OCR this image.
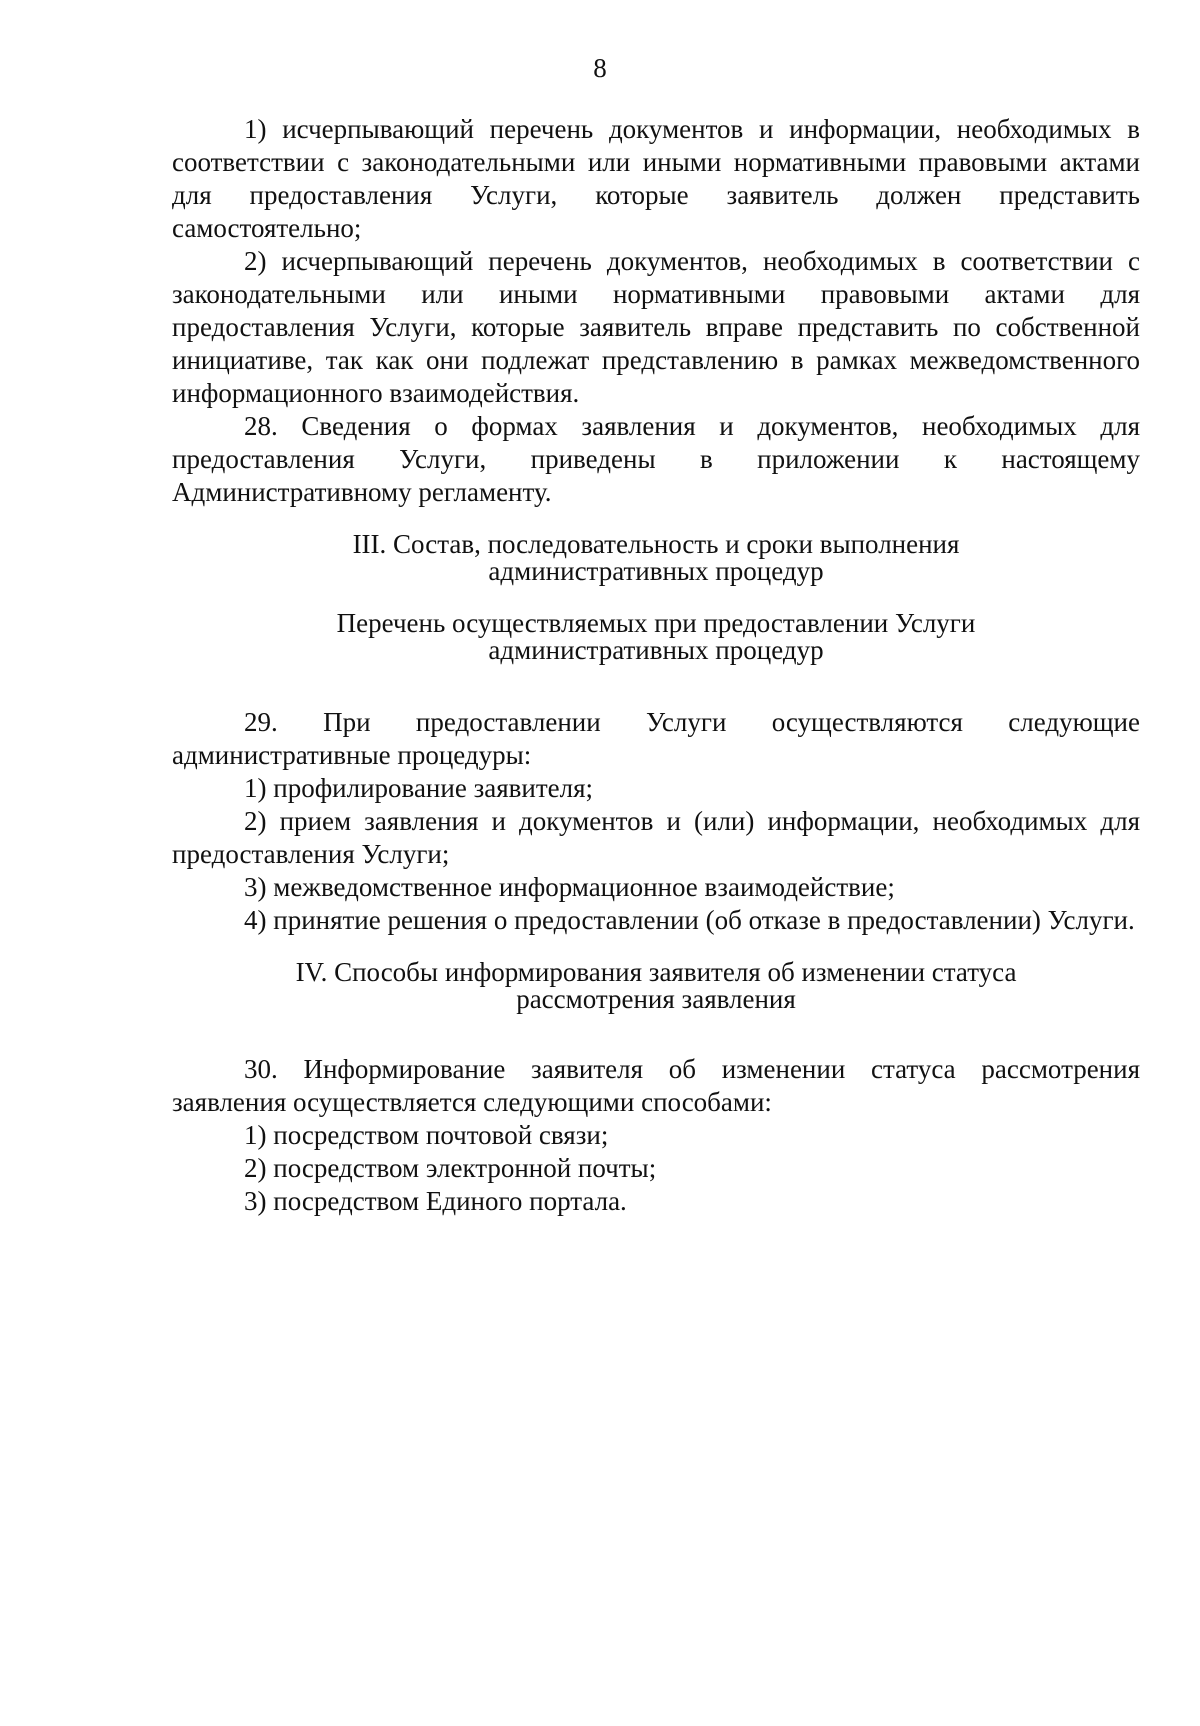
8

1) исчерпывающий перечень документов и информации, необходимых в соответствии с законодательными или иными нормативными правовыми актами для предоставления Услуги, которые заявитель должен представить самостоятельно;

2) исчерпывающий перечень документов, необходимых в соответствии с законодательными или иными нормативными правовыми актами для предоставления Услуги, которые заявитель вправе представить по собственной инициативе, так как они подлежат представлению в рамках межведомственного информационного взаимодействия.

28. Сведения о формах заявления и документов, необходимых для предоставления Услуги, приведены в приложении к настоящему Административному регламенту.

III. Состав, последовательность и сроки выполнения
административных процедур
Перечень осуществляемых при предоставлении Услуги
административных процедур

29. При предоставлении Услуги осуществляются следующие административные процедуры:

1) профилирование заявителя;

2) прием заявления и документов и (или) информации, необходимых для предоставления Услуги;

3) межведомственное информационное взаимодействие;

4) принятие решения о предоставлении (об отказе в предоставлении) Услуги.

IV. Способы информирования заявителя об изменении статуса
рассмотрения заявления

30. Информирование заявителя об изменении статуса рассмотрения заявления осуществляется следующими способами:

1) посредством почтовой связи;

2) посредством электронной почты;

3) посредством Единого портала.
